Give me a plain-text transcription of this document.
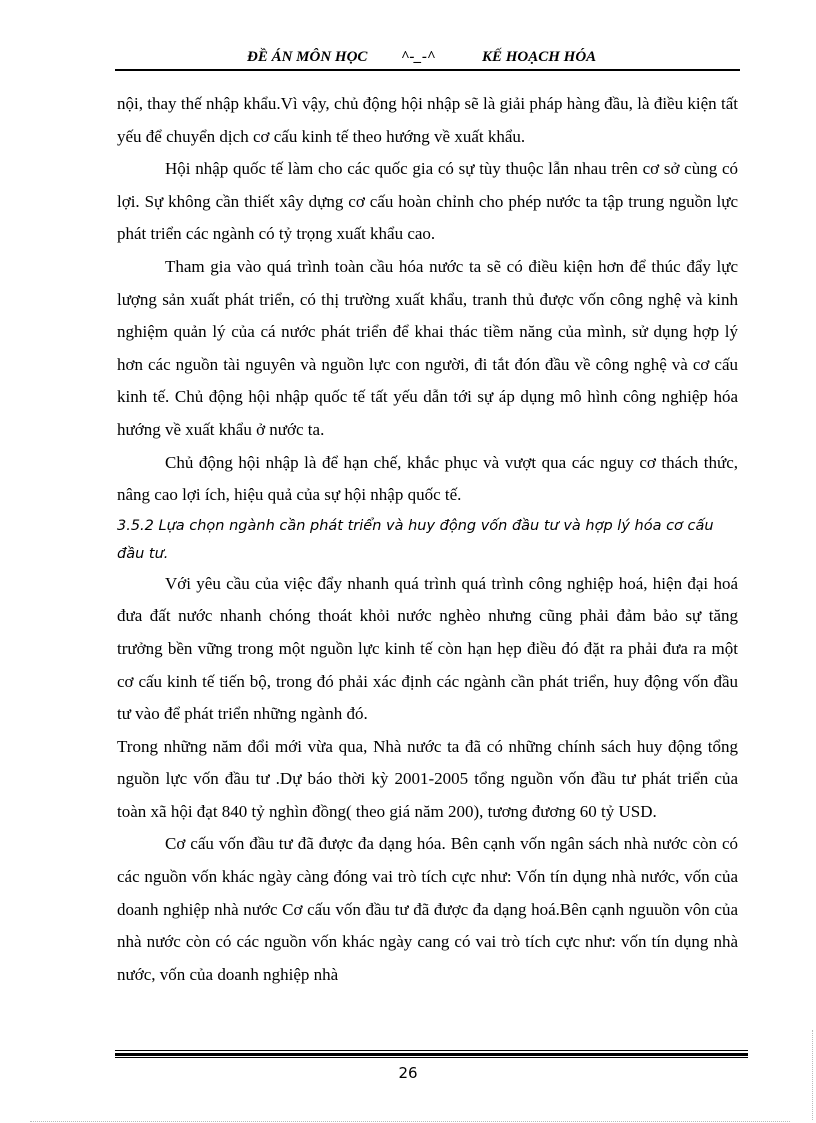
ĐỀ ÁN MÔN HỌC ^-_-^	KẾ HOẠCH HÓA

nội, thay thế nhập khẩu.Vì vậy, chủ động hội nhập sẽ là giải pháp hàng đầu, là điều kiện tất yếu để chuyển dịch cơ cấu kinh tế theo hướng về xuất khẩu.

Hội nhập quốc tế làm cho các quốc gia có sự tùy thuộc lẫn nhau trên cơ sở cùng có lợi. Sự không cần thiết xây dựng cơ cấu hoàn chỉnh cho phép nước ta tập trung nguồn lực phát triển các ngành có tỷ trọng xuất khẩu cao.

Tham gia vào quá trình toàn cầu hóa nước ta sẽ có điều kiện hơn để thúc đẩy lực lượng sản xuất phát triển, có thị trường xuất khẩu, tranh thủ được vốn công nghệ và kinh nghiệm quản lý của cá nước phát triển để khai thác tiềm năng của mình, sử dụng hợp lý hơn các nguồn tài nguyên và nguồn lực con người, đi tắt đón đầu về công nghệ và cơ cấu kinh tế. Chủ động hội nhập quốc tế tất yếu dẫn tới sự áp dụng mô hình công nghiệp hóa hướng về xuất khẩu ở nước ta.

Chủ động hội nhập là để hạn chế, khắc phục và vượt qua các nguy cơ thách thức, nâng cao lợi ích, hiệu quả của sự hội nhập quốc tế.

3.5.2 Lựa chọn ngành cần phát triển và huy động vốn đầu tư và hợp lý hóa cơ cấu đầu tư.

Với yêu cầu của việc đẩy nhanh quá trình quá trình công nghiệp hoá, hiện đại hoá đưa đất nước nhanh chóng thoát khỏi nước nghèo nhưng cũng phải đảm bảo sự tăng trưởng bền vững trong một nguồn lực kinh tế còn hạn hẹp điều đó đặt ra phải đưa ra một cơ cấu kinh tế tiến bộ, trong đó phải xác định các ngành cần phát triển, huy động vốn đầu tư vào để phát triển những ngành đó.

Trong những năm đổi mới vừa qua, Nhà nước ta đã có những chính sách huy động tổng nguồn lực vốn đầu tư .Dự báo thời kỳ 2001-2005 tổng nguồn vốn đầu tư phát triển của toàn xã hội đạt 840 tỷ nghìn đồng( theo giá năm 200), tương đương 60 tỷ USD.

Cơ cấu vốn đầu tư đã được đa dạng hóa. Bên cạnh vốn ngân sách nhà nước còn có các nguồn vốn khác ngày càng đóng vai trò tích cực như: Vốn tín dụng nhà nước, vốn của doanh nghiệp nhà nước Cơ cấu vốn đầu tư đã được đa dạng hoá.Bên cạnh nguuồn vôn của nhà nước còn có các nguồn vốn khác ngày cang có vai trò tích cực như: vốn tín dụng nhà nước, vốn của doanh nghiệp nhà

26
